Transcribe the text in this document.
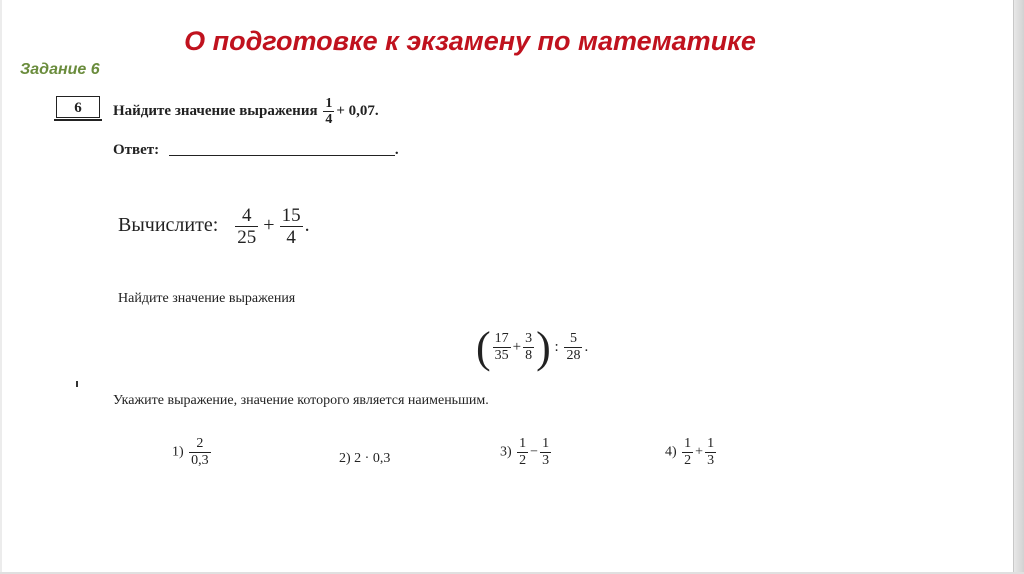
О подготовке к экзамену по математике
Задание 6
6	Найдите значение выражения $\frac{1}{4} + 0,07$.
Ответ:	.
Вычислите: $\frac{4}{25} + \frac{15}{4}$ .
Найдите значение выражения
( $\frac{17}{35} + \frac{3}{8}$ ) : $\frac{5}{28}$ .
Укажите выражение, значение которого является наименьшим.
$1) \frac{2}{0,3}$	2) 2 · 0,3	$3) \frac{1}{2} - \frac{1}{3}$	$4) \frac{1}{2} + \frac{1}{3}$
